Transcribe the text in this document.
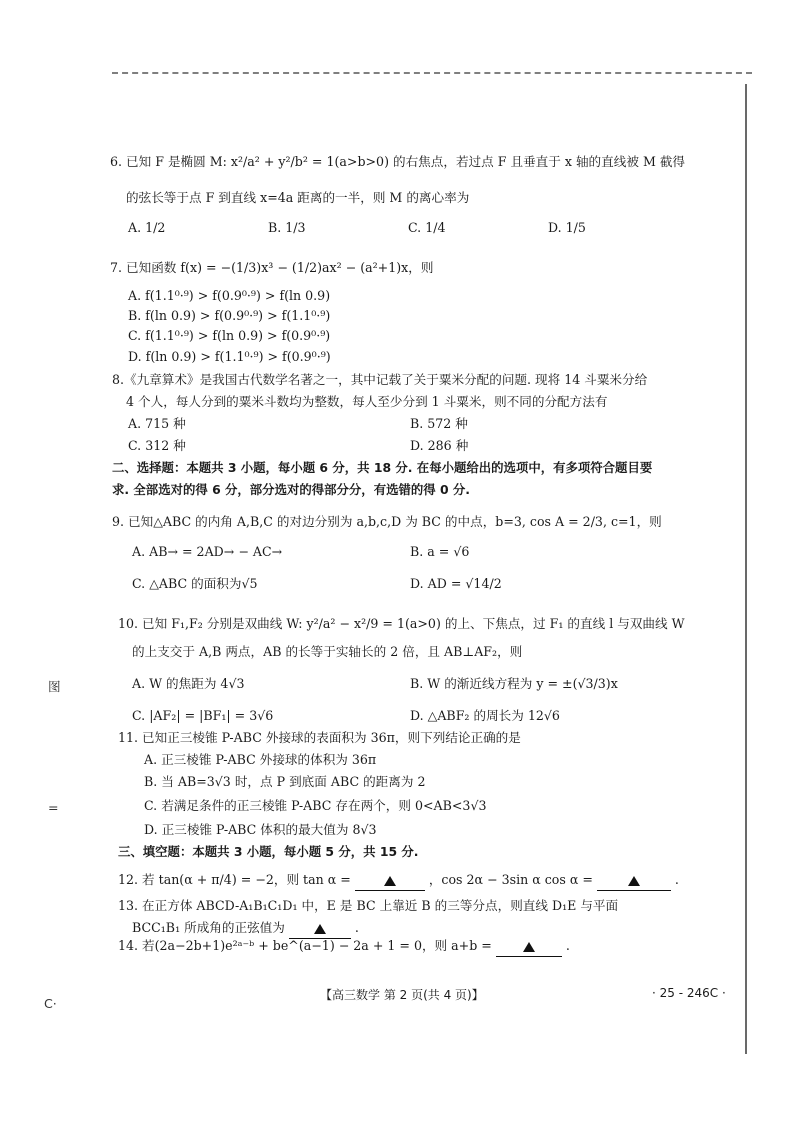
图
=
C·
6. 已知 F 是椭圆 M: x²/a² + y²/b² = 1(a>b>0) 的右焦点，若过点 F 且垂直于 x 轴的直线被 M 截得
的弦长等于点 F 到直线 x=4a 距离的一半，则 M 的离心率为
A. 1/2	B. 1/3	C. 1/4	D. 1/5
7. 已知函数 f(x) = −(1/3)x³ − (1/2)ax² − (a²+1)x，则
A. f(1.1⁰·⁹) > f(0.9⁰·⁹) > f(ln 0.9)
B. f(ln 0.9) > f(0.9⁰·⁹) > f(1.1⁰·⁹)
C. f(1.1⁰·⁹) > f(ln 0.9) > f(0.9⁰·⁹)
D. f(ln 0.9) > f(1.1⁰·⁹) > f(0.9⁰·⁹)
8.《九章算术》是我国古代数学名著之一，其中记载了关于粟米分配的问题. 现将 14 斗粟米分给
4 个人，每人分到的粟米斗数均为整数，每人至少分到 1 斗粟米，则不同的分配方法有
A. 715 种	B. 572 种
C. 312 种	D. 286 种
二、选择题：本题共 3 小题，每小题 6 分，共 18 分. 在每小题给出的选项中，有多项符合题目要
求. 全部选对的得 6 分，部分选对的得部分分，有选错的得 0 分.
9. 已知△ABC 的内角 A,B,C 的对边分别为 a,b,c,D 为 BC 的中点，b=3, cos A = 2/3, c=1，则
A. AB→ = 2AD→ − AC→	B. a = √6
C. △ABC 的面积为√5	D. AD = √14/2
10. 已知 F₁,F₂ 分别是双曲线 W: y²/a² − x²/9 = 1(a>0) 的上、下焦点，过 F₁ 的直线 l 与双曲线 W
的上支交于 A,B 两点，AB 的长等于实轴长的 2 倍，且 AB⊥AF₂，则
A. W 的焦距为 4√3	B. W 的渐近线方程为 y = ±(√3/3)x
C. |AF₂| = |BF₁| = 3√6	D. △ABF₂ 的周长为 12√6
11. 已知正三棱锥 P-ABC 外接球的表面积为 36π，则下列结论正确的是
A. 正三棱锥 P-ABC 外接球的体积为 36π
B. 当 AB=3√3 时，点 P 到底面 ABC 的距离为 2
C. 若满足条件的正三棱锥 P-ABC 存在两个，则 0<AB<3√3
D. 正三棱锥 P-ABC 体积的最大值为 8√3
三、填空题：本题共 3 小题，每小题 5 分，共 15 分.
12. 若 tan(α + π/4) = −2，则 tan α =	，cos 2α − 3sin α cos α =	.
13. 在正方体 ABCD-A₁B₁C₁D₁ 中，E 是 BC 上靠近 B 的三等分点，则直线 D₁E 与平面
BCC₁B₁ 所成角的正弦值为	.
14. 若(2a−2b+1)e²ᵃ⁻ᵇ + be^(a−1) − 2a + 1 = 0，则 a+b =	.
【高三数学 第 2 页(共 4 页)】	· 25 - 246C ·
